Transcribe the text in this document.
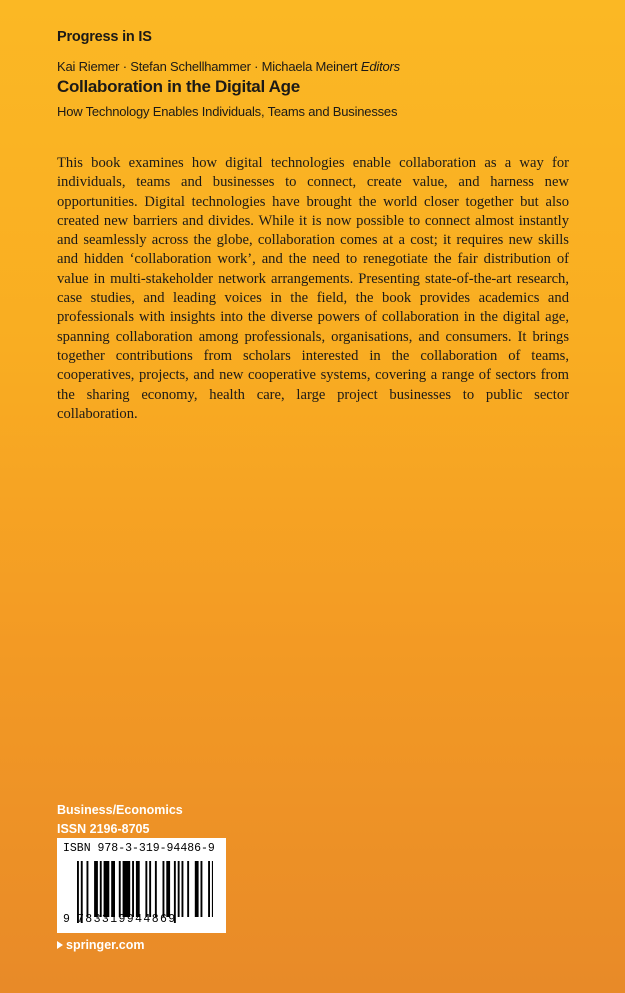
Progress in IS
Kai Riemer · Stefan Schellhammer · Michaela Meinert Editors
Collaboration in the Digital Age
How Technology Enables Individuals, Teams and Businesses

This book examines how digital technologies enable collaboration as a way for individuals, teams and businesses to connect, create value, and harness new opportunities. Digital technologies have brought the world closer together but also created new barriers and divides. While it is now possible to connect almost instantly and seamlessly across the globe, collaboration comes at a cost; it requires new skills and hidden ‘collaboration work’, and the need to renegotiate the fair distribution of value in multi-stakeholder network arrangements. Presenting state-of-the-art research, case studies, and leading voices in the field, the book provides academics and professionals with insights into the diverse powers of collaboration in the digital age, spanning collaboration among professionals, organisations, and consumers. It brings together contributions from scholars interested in the collaboration of teams, cooperatives, projects, and new cooperative systems, covering a range of sectors from the sharing economy, health care, large project businesses to public sector collaboration.

Business/Economics
ISSN 2196-8705
ISBN 978-3-319-94486-9
9 783319944869
springer.com
